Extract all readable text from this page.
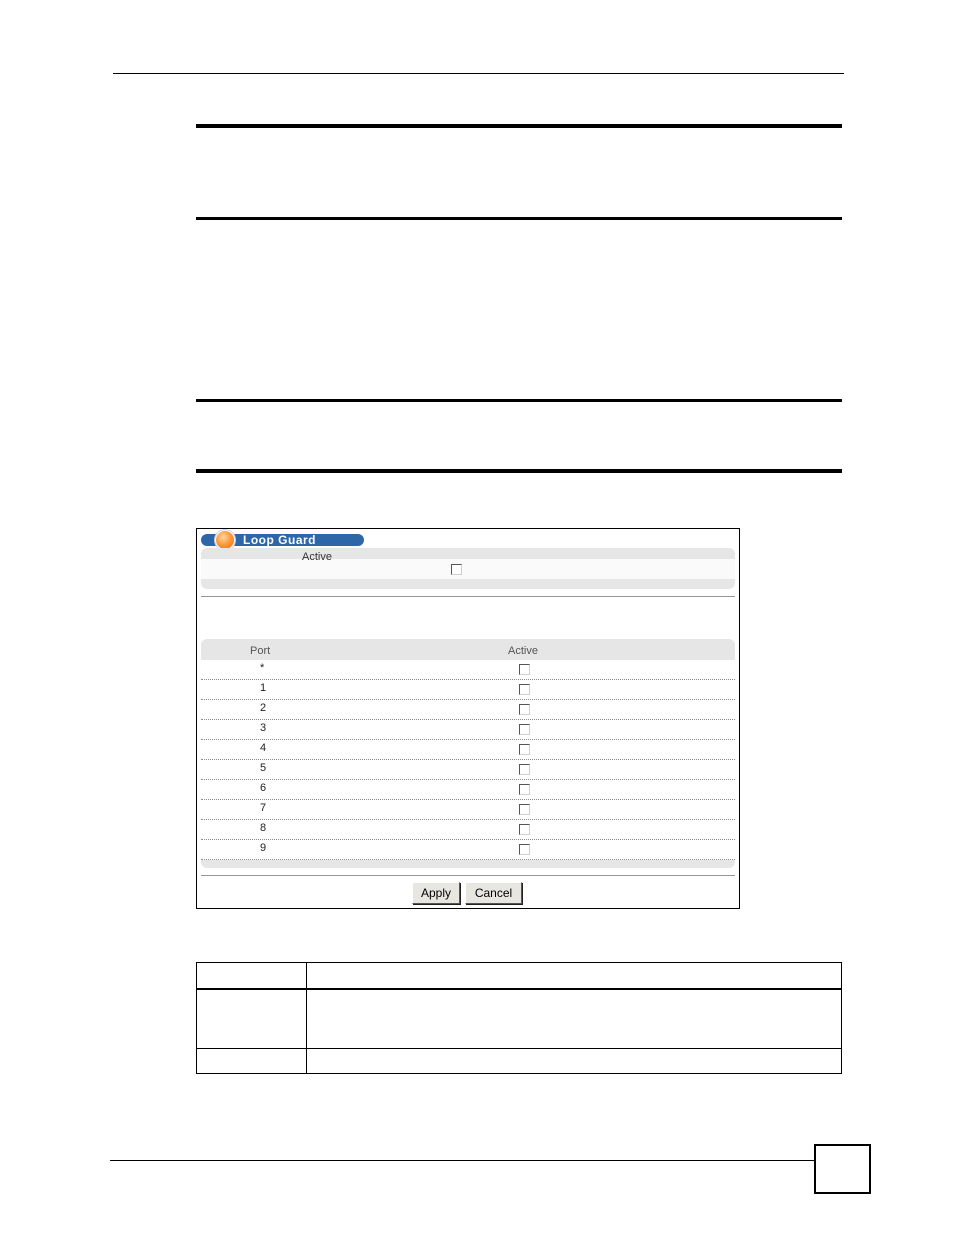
Loop Guard
Active
Port	Active
*
1
2
3
4
5
6
7
8
9
Apply	Cancel
